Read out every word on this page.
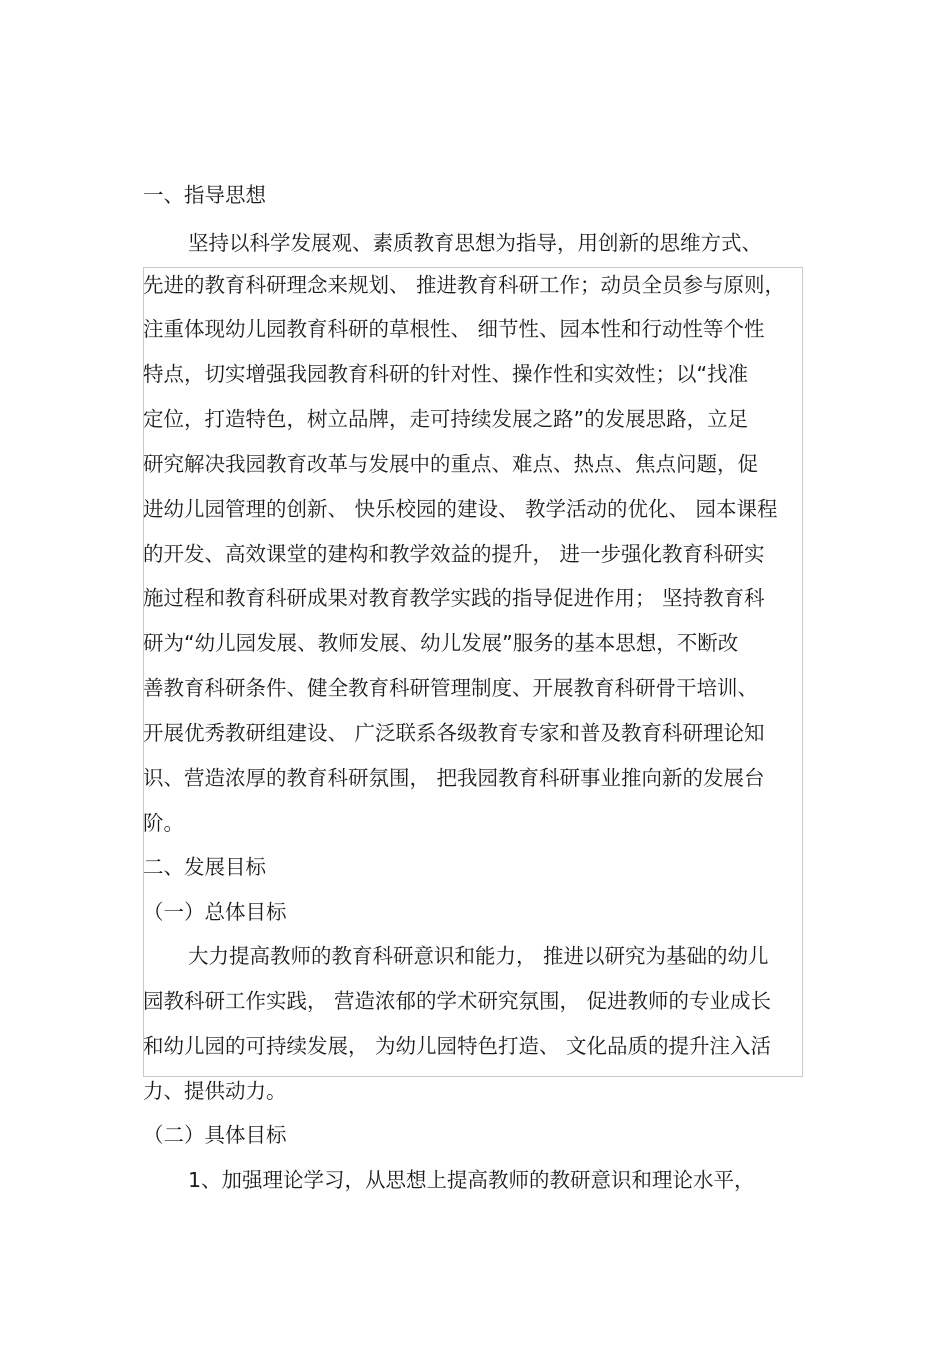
一、指导思想
坚持以科学发展观、素质教育思想为指导，用创新的思维方式、
先进的教育科研理念来规划、 推进教育科研工作；动员全员参与原则，
注重体现幼儿园教育科研的草根性、 细节性、园本性和行动性等个性
特点，切实增强我园教育科研的针对性、操作性和实效性；以“找准
定位，打造特色，树立品牌，走可持续发展之路”的发展思路，立足
研究解决我园教育改革与发展中的重点、难点、热点、焦点问题，促
进幼儿园管理的创新、 快乐校园的建设、 教学活动的优化、 园本课程
的开发、高效课堂的建构和教学效益的提升， 进一步强化教育科研实
施过程和教育科研成果对教育教学实践的指导促进作用； 坚持教育科
研为“幼儿园发展、教师发展、幼儿发展”服务的基本思想，不断改
善教育科研条件、健全教育科研管理制度、开展教育科研骨干培训、
开展优秀教研组建设、 广泛联系各级教育专家和普及教育科研理论知
识、营造浓厚的教育科研氛围， 把我园教育科研事业推向新的发展台
阶。
二、发展目标
（一）总体目标
大力提高教师的教育科研意识和能力， 推进以研究为基础的幼儿
园教科研工作实践， 营造浓郁的学术研究氛围， 促进教师的专业成长
和幼儿园的可持续发展， 为幼儿园特色打造、 文化品质的提升注入活
力、提供动力。
（二）具体目标
1、加强理论学习，从思想上提高教师的教研意识和理论水平，
